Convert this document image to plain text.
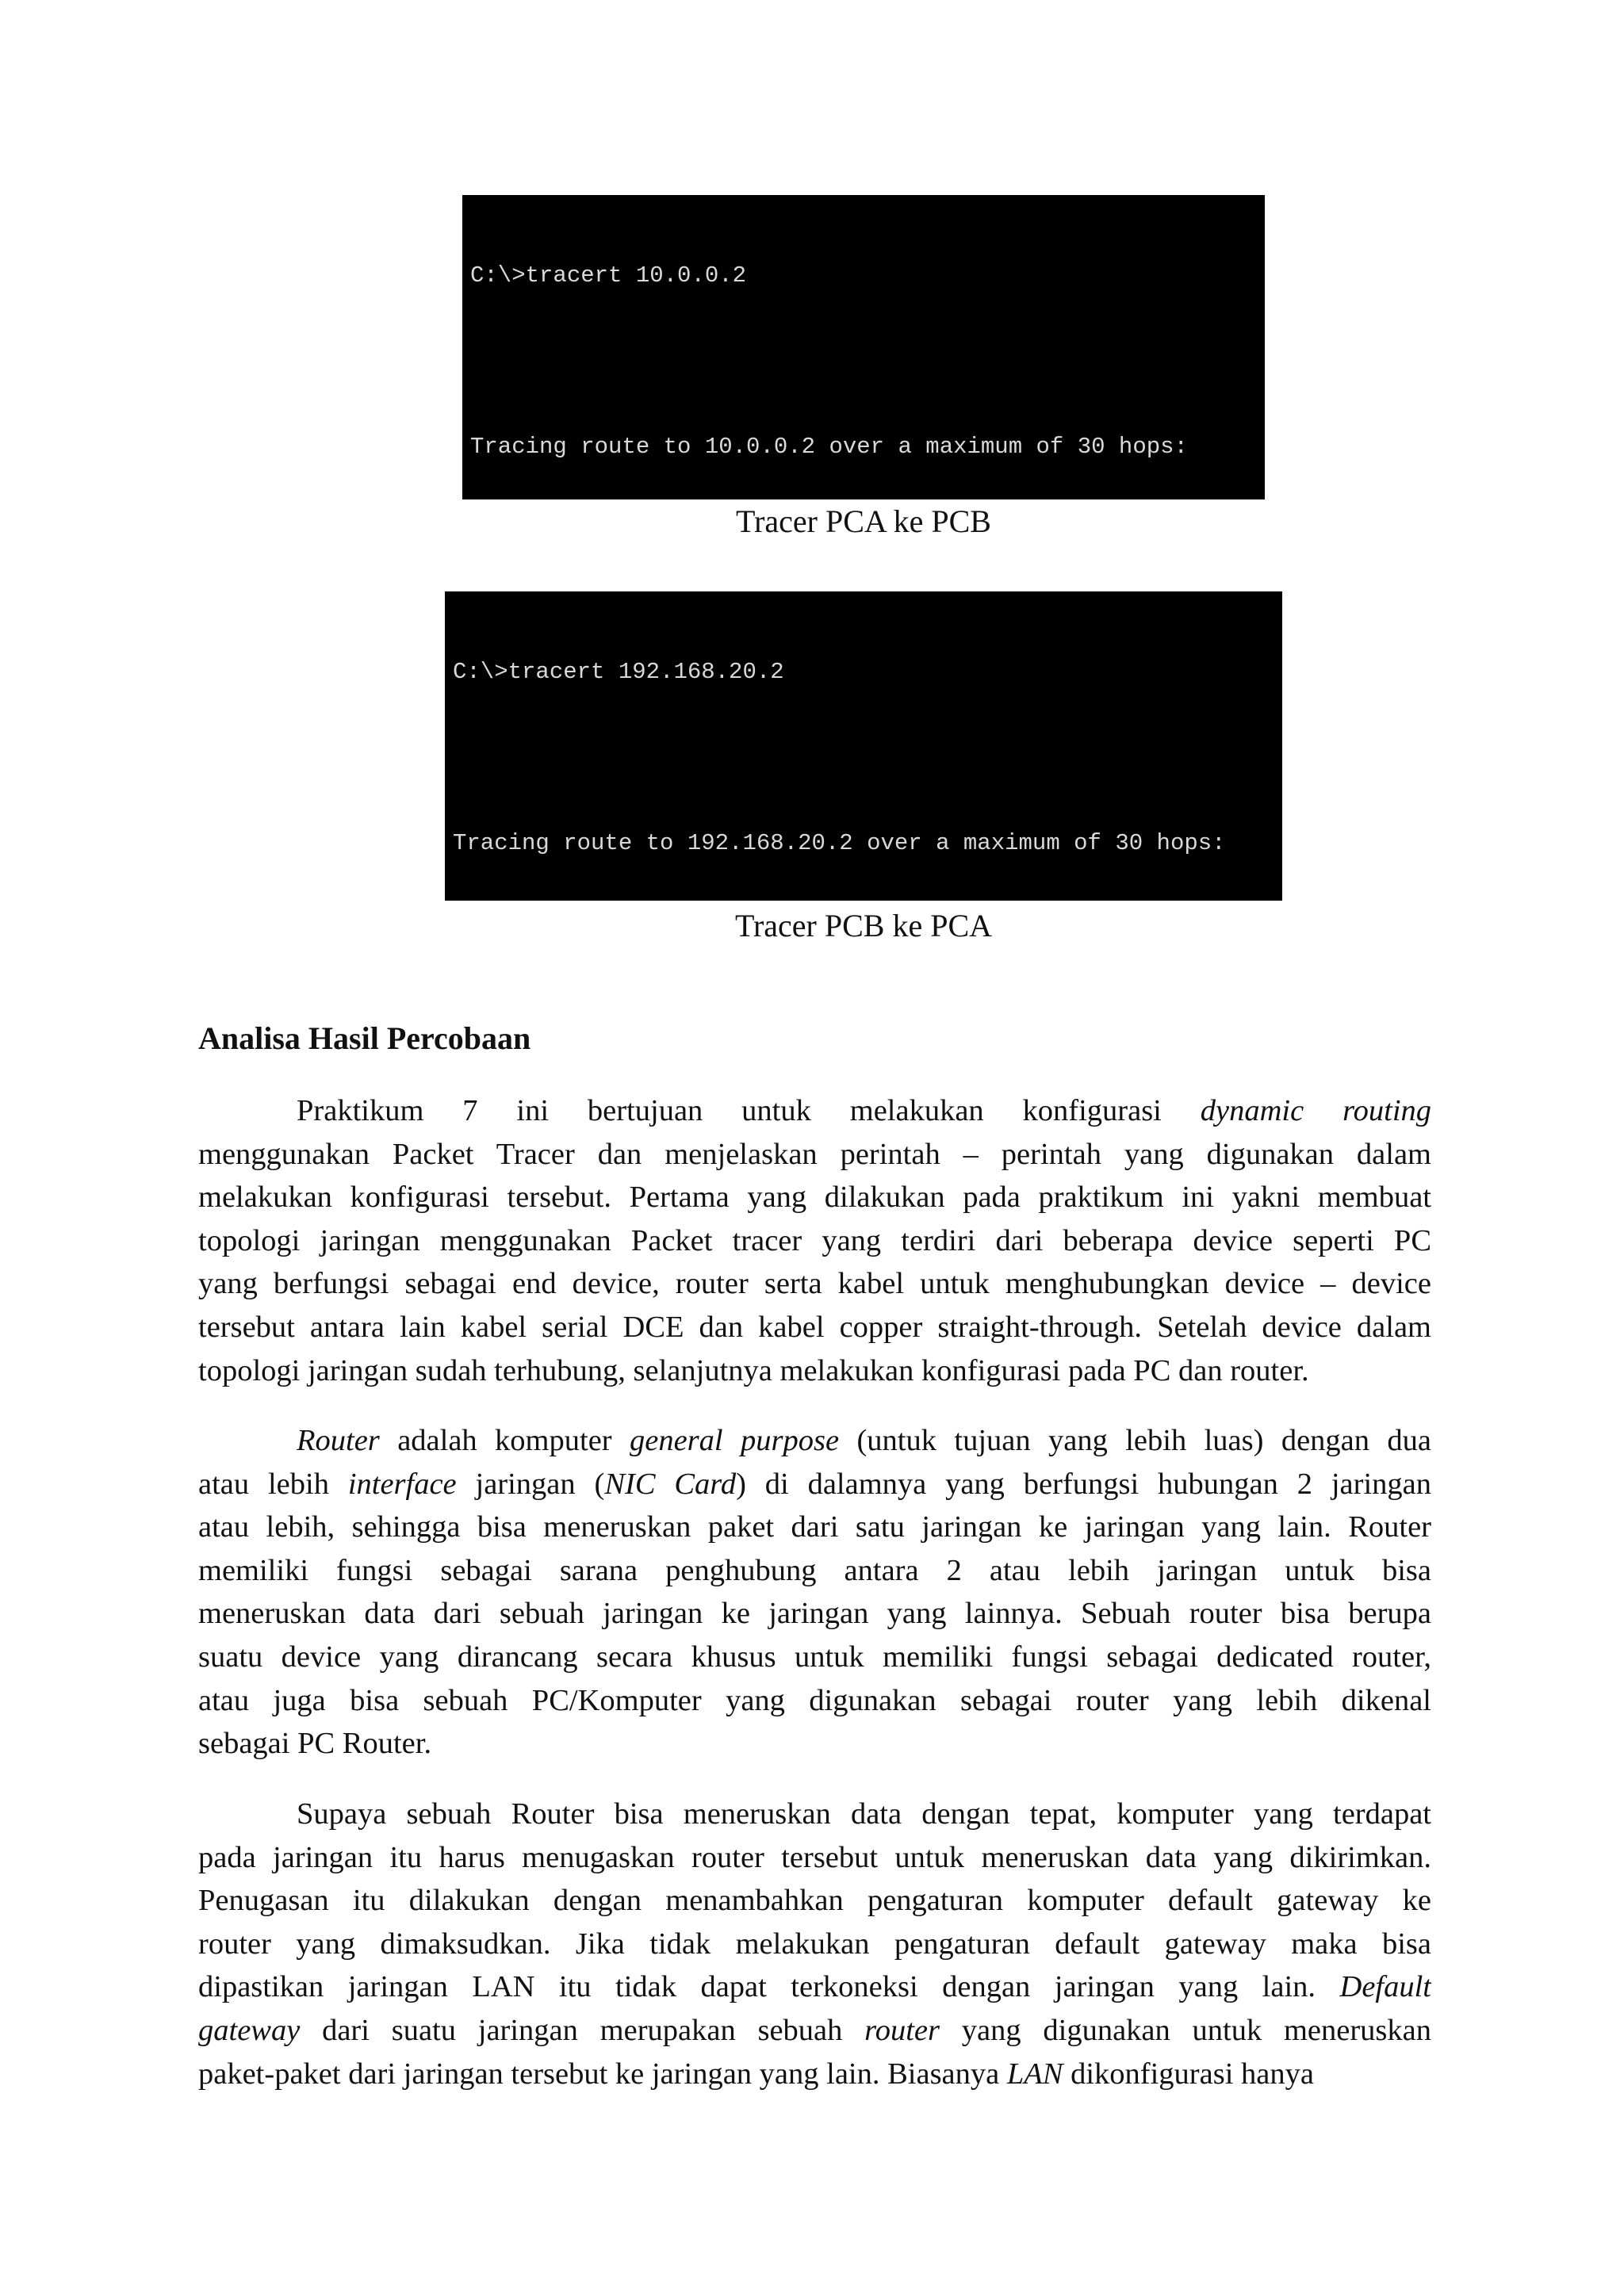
C:\>tracert 10.0.0.2

Tracing route to 10.0.0.2 over a maximum of 30 hops:

Tracer PCA ke PCB

C:\>tracert 192.168.20.2

Tracing route to 192.168.20.2 over a maximum of 30 hops:

Tracer PCB ke PCA
Analisa Hasil Percobaan
Praktikum 7 ini bertujuan untuk melakukan konfigurasi dynamic routing
menggunakan Packet Tracer dan menjelaskan perintah – perintah yang digunakan dalam
melakukan konfigurasi tersebut. Pertama yang dilakukan pada praktikum ini yakni membuat
topologi jaringan menggunakan Packet tracer yang terdiri dari beberapa device seperti PC
yang berfungsi sebagai end device, router serta kabel untuk menghubungkan device – device
tersebut antara lain kabel serial DCE dan kabel copper straight-through. Setelah device dalam
topologi jaringan sudah terhubung, selanjutnya melakukan konfigurasi pada PC dan router.
Router adalah komputer general purpose (untuk tujuan yang lebih luas) dengan dua
atau lebih interface jaringan (NIC Card) di dalamnya yang berfungsi hubungan 2 jaringan
atau lebih, sehingga bisa meneruskan paket dari satu jaringan ke jaringan yang lain. Router
memiliki fungsi sebagai sarana penghubung antara 2 atau lebih jaringan untuk bisa
meneruskan data dari sebuah jaringan ke jaringan yang lainnya. Sebuah router bisa berupa
suatu device yang dirancang secara khusus untuk memiliki fungsi sebagai dedicated router,
atau juga bisa sebuah PC/Komputer yang digunakan sebagai router yang lebih dikenal
sebagai PC Router.
Supaya sebuah Router bisa meneruskan data dengan tepat, komputer yang terdapat
pada jaringan itu harus menugaskan router tersebut untuk meneruskan data yang dikirimkan.
Penugasan itu dilakukan dengan menambahkan pengaturan komputer default gateway ke
router yang dimaksudkan. Jika tidak melakukan pengaturan default gateway maka bisa
dipastikan jaringan LAN itu tidak dapat terkoneksi dengan jaringan yang lain. Default
gateway dari suatu jaringan merupakan sebuah router yang digunakan untuk meneruskan
paket-paket dari jaringan tersebut ke jaringan yang lain. Biasanya LAN dikonfigurasi hanya
